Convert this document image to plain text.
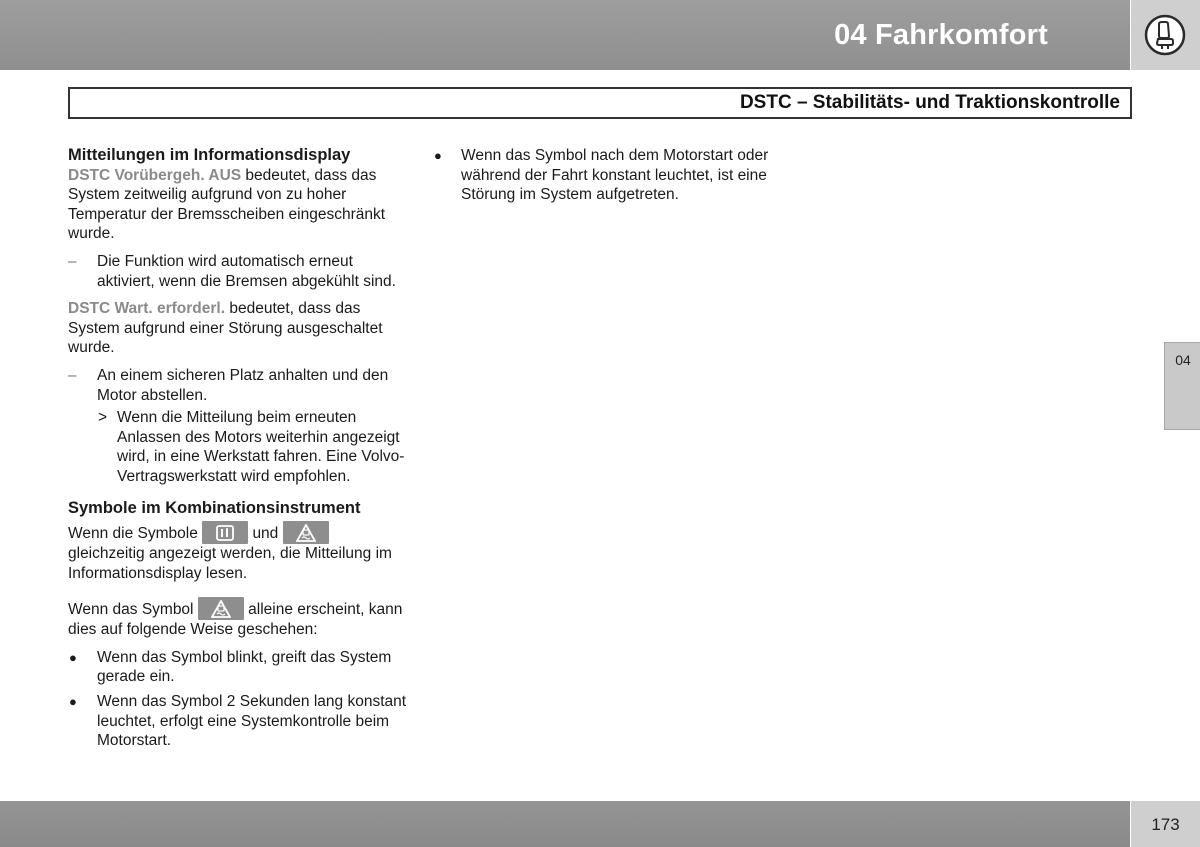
04 Fahrkomfort
DSTC – Stabilitäts- und Traktionskontrolle
04
Mitteilungen im Informationsdisplay

DSTC Vorübergeh. AUS bedeutet, dass das System zeitweilig aufgrund von zu hoher Temperatur der Bremsscheiben eingeschränkt wurde.

– Die Funktion wird automatisch erneut aktiviert, wenn die Bremsen abgekühlt sind.

DSTC Wart. erforderl. bedeutet, dass das System aufgrund einer Störung ausgeschaltet wurde.

– An einem sicheren Platz anhalten und den Motor abstellen.
> Wenn die Mitteilung beim erneuten Anlassen des Motors weiterhin angezeigt wird, in eine Werkstatt fahren. Eine Volvo-Vertragswerkstatt wird empfohlen.
Symbole im Kombinationsinstrument

Wenn die Symbole	und
gleichzeitig angezeigt werden, die Mitteilung im Informationsdisplay lesen.

Wenn das Symbol	alleine erscheint, kann dies auf folgende Weise geschehen:

● Wenn das Symbol blinkt, greift das System gerade ein.
● Wenn das Symbol 2 Sekunden lang konstant leuchtet, erfolgt eine Systemkontrolle beim Motorstart.
● Wenn das Symbol nach dem Motorstart oder während der Fahrt konstant leuchtet, ist eine Störung im System aufgetreten.
173
